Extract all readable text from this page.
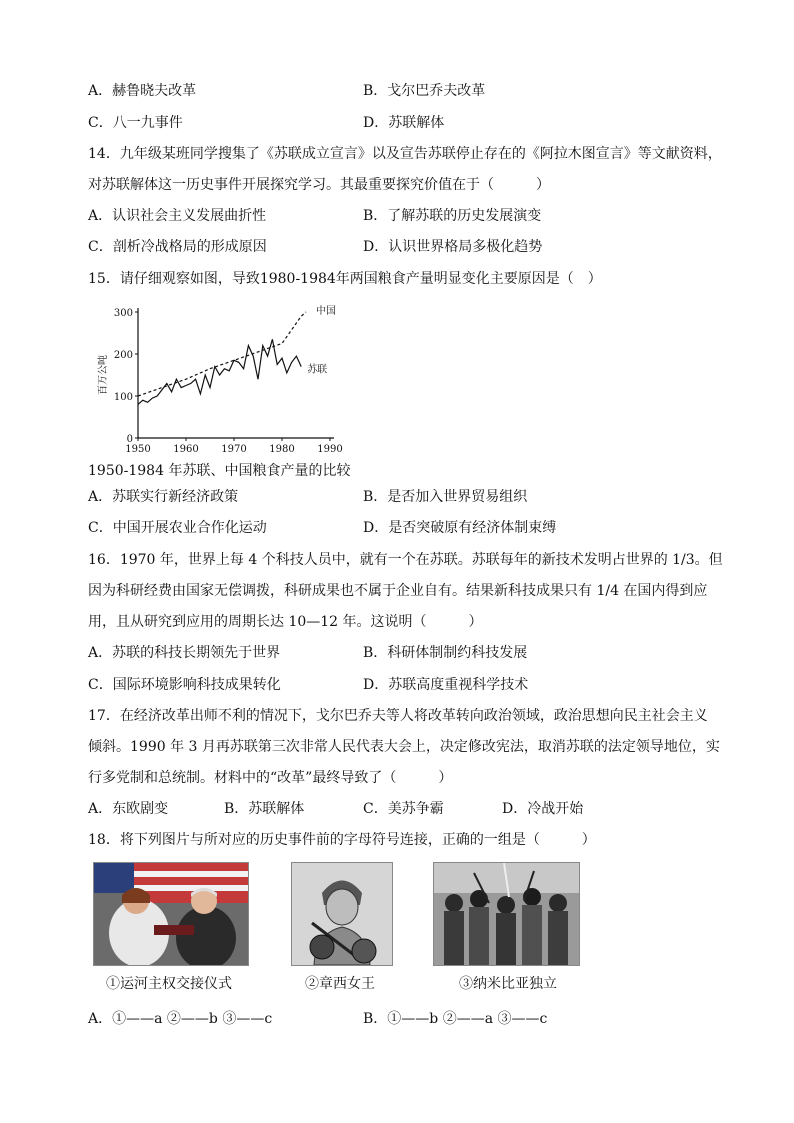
A．赫鲁晓夫改革	B．戈尔巴乔夫改革
C．八一九事件	D．苏联解体
14．九年级某班同学搜集了《苏联成立宣言》以及宣告苏联停止存在的《阿拉木图宣言》等文献资料，
对苏联解体这一历史事件开展探究学习。其最重要探究价值在于（　　　）
A．认识社会主义发展曲折性	B．了解苏联的历史发展演变
C．剖析冷战格局的形成原因	D．认识世界格局多极化趋势
15．请仔细观察如图，导致1980-1984年两国粮食产量明显变化主要原因是（　）
0
100
200
300
1950 1960 1970 1980 1990
百万公吨
中国
苏联
1950-1984 年苏联、中国粮食产量的比较
A．苏联实行新经济政策	B．是否加入世界贸易组织
C．中国开展农业合作化运动	D．是否突破原有经济体制束缚
16．1970 年，世界上每 4 个科技人员中，就有一个在苏联。苏联每年的新技术发明占世界的 1/3。但
因为科研经费由国家无偿调拨，科研成果也不属于企业自有。结果新科技成果只有 1/4 在国内得到应
用，且从研究到应用的周期长达 10—12 年。这说明（　　　）
A．苏联的科技长期领先于世界	B．科研体制制约科技发展
C．国际环境影响科技成果转化	D．苏联高度重视科学技术
17．在经济改革出师不利的情况下，戈尔巴乔夫等人将改革转向政治领域，政治思想向民主社会主义
倾斜。1990 年 3 月再苏联第三次非常人民代表大会上，决定修改宪法，取消苏联的法定领导地位，实
行多党制和总统制。材料中的“改革”最终导致了（　　　）
A．东欧剧变	B．苏联解体	C．美苏争霸	D．冷战开始
18．将下列图片与所对应的历史事件前的字母符号连接，正确的一组是（　　　）
①运河主权交接仪式	②章西女王	③纳米比亚独立
A．①——a ②——b ③——c	B．①——b ②——a ③——c
